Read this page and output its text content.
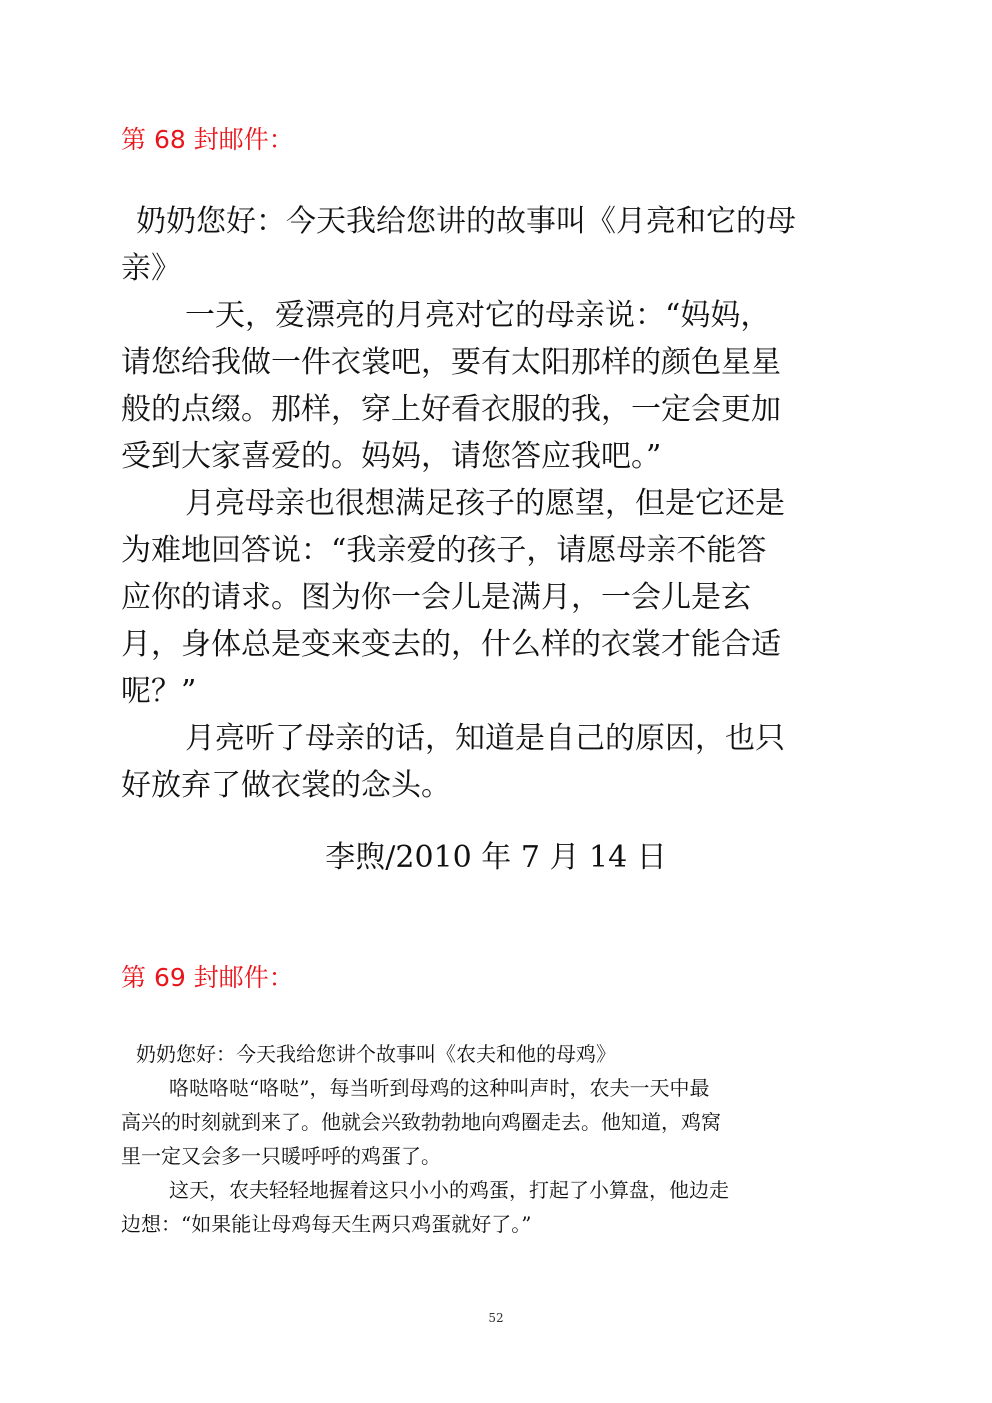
第 68 封邮件：
奶奶您好：今天我给您讲的故事叫《月亮和它的母
亲》
一天，爱漂亮的月亮对它的母亲说：“妈妈，
请您给我做一件衣裳吧，要有太阳那样的颜色星星
般的点缀。那样，穿上好看衣服的我，一定会更加
受到大家喜爱的。妈妈，请您答应我吧。”
月亮母亲也很想满足孩子的愿望，但是它还是
为难地回答说：“我亲爱的孩子，请愿母亲不能答
应你的请求。图为你一会儿是满月，一会儿是玄
月，身体总是变来变去的，什么样的衣裳才能合适
呢？”
月亮听了母亲的话，知道是自己的原因，也只
好放弃了做衣裳的念头。
李煦/2010 年 7 月 14 日
第 69 封邮件：
奶奶您好：今天我给您讲个故事叫《农夫和他的母鸡》
咯哒咯哒“咯哒”，每当听到母鸡的这种叫声时，农夫一天中最
高兴的时刻就到来了。他就会兴致勃勃地向鸡圈走去。他知道，鸡窝
里一定又会多一只暖呼呼的鸡蛋了。
这天，农夫轻轻地握着这只小小的鸡蛋，打起了小算盘，他边走
边想：“如果能让母鸡每天生两只鸡蛋就好了。”
52
